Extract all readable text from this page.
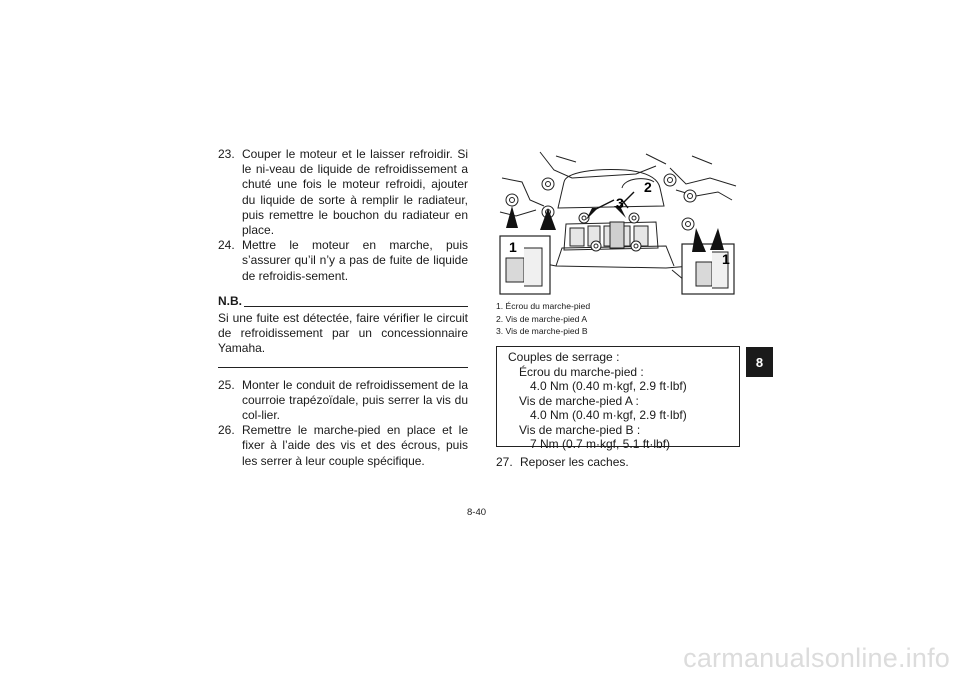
23. Couper le moteur et le laisser refroidir. Si le ni-veau de liquide de refroidissement a chuté une fois le moteur refroidi, ajouter du liquide de sorte à remplir le radiateur, puis remettre le bouchon du radiateur en place.
24. Mettre le moteur en marche, puis s’assurer qu’il n’y a pas de fuite de liquide de refroidis-sement.
N.B.
Si une fuite est détectée, faire vérifier le circuit de refroidissement par un concessionnaire Yamaha.
25. Monter le conduit de refroidissement de la courroie trapézoïdale, puis serrer la vis du col-lier.
26. Remettre le marche-pied en place et le fixer à l’aide des vis et des écrous, puis les serrer à leur couple spécifique.
1
2
3
1
1. Écrou du marche-pied
2. Vis de marche-pied A
3. Vis de marche-pied B
Couples de serrage :
Écrou du marche-pied :
4.0 Nm (0.40 m·kgf, 2.9 ft·lbf)
Vis de marche-pied A :
4.0 Nm (0.40 m·kgf, 2.9 ft·lbf)
Vis de marche-pied B :
7 Nm (0.7 m·kgf, 5.1 ft·lbf)
27. Reposer les caches.
8
8-40
carmanualsonline.info
